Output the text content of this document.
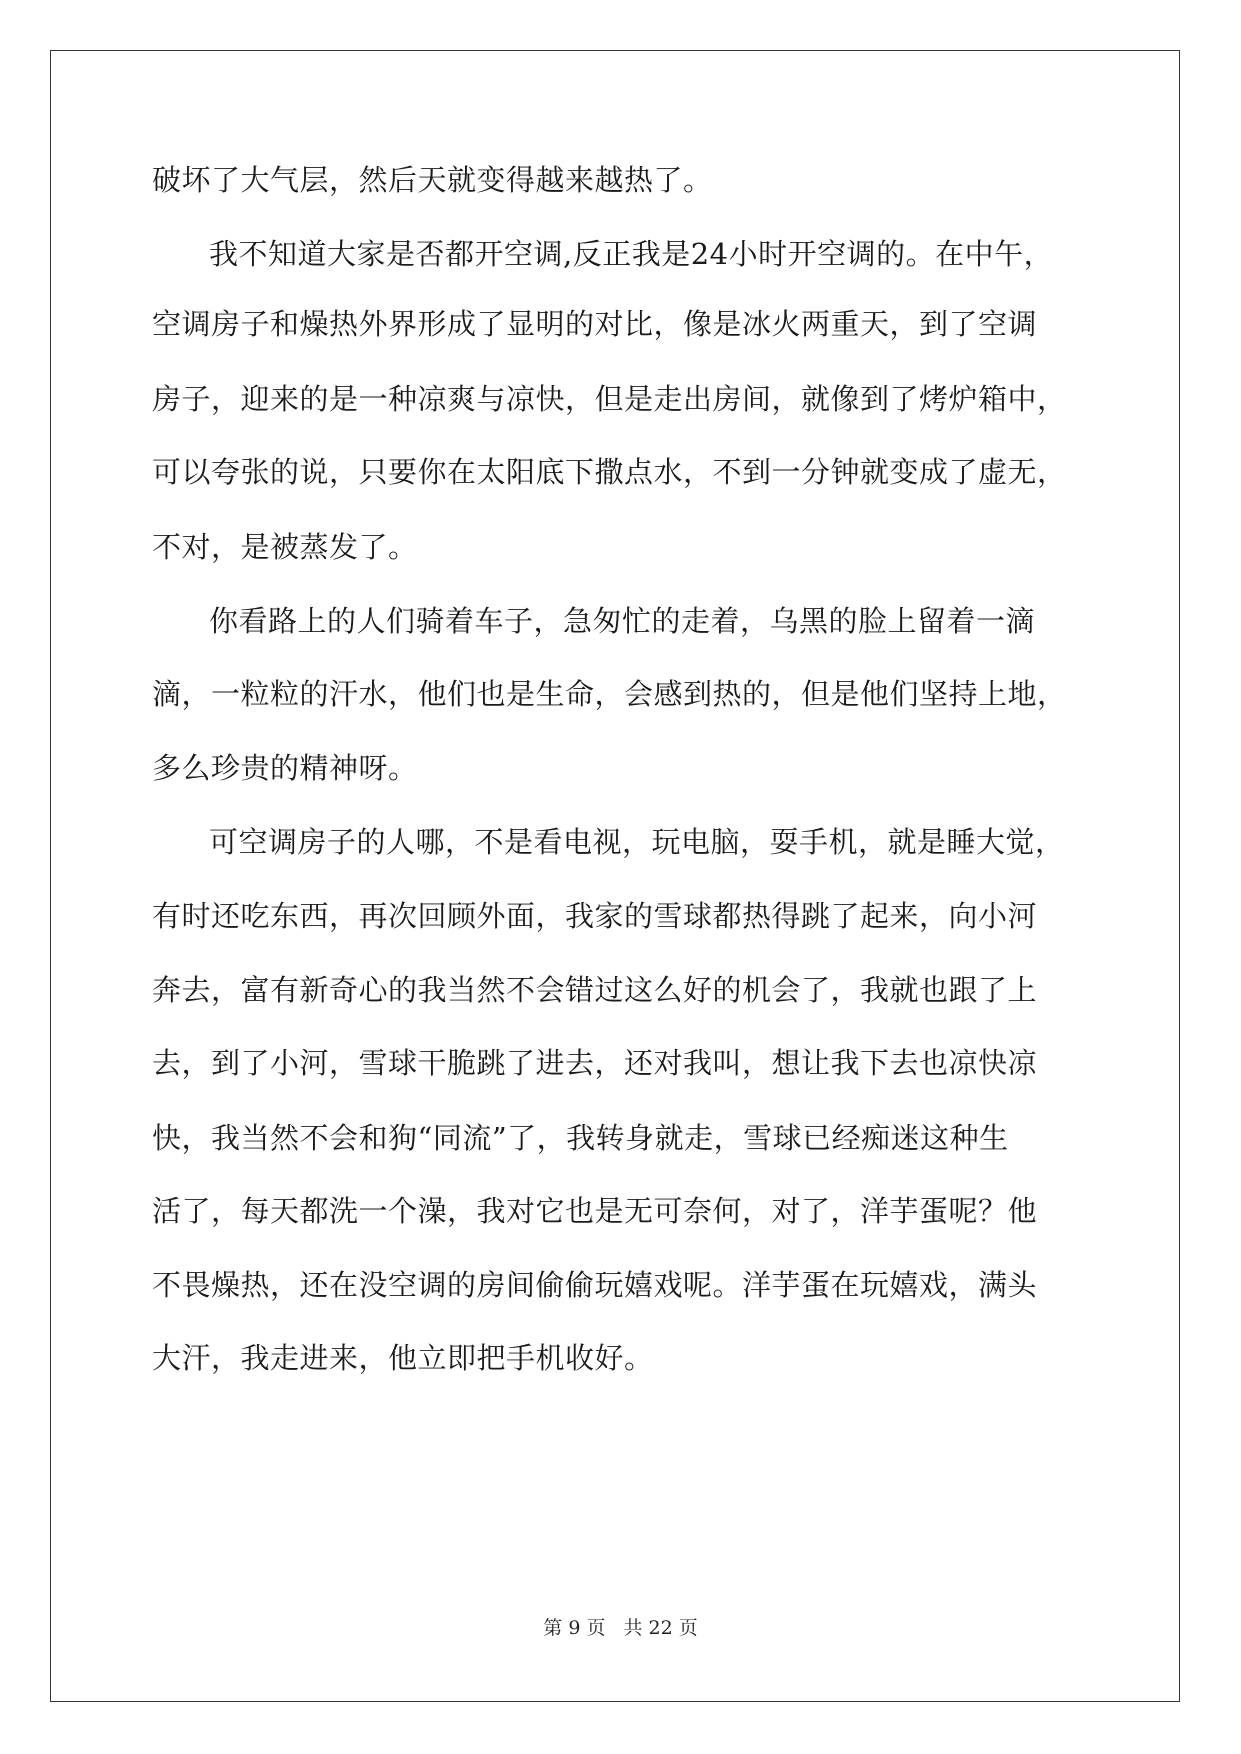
破坏了大气层，然后天就变得越来越热了。
我不知道大家是否都开空调,反正我是24小时开空调的。在中午，
空调房子和燥热外界形成了显明的对比，像是冰火两重天，到了空调
房子，迎来的是一种凉爽与凉快，但是走出房间，就像到了烤炉箱中，
可以夸张的说，只要你在太阳底下撒点水，不到一分钟就变成了虚无，
不对，是被蒸发了。
你看路上的人们骑着车子，急匆忙的走着，乌黑的脸上留着一滴
滴，一粒粒的汗水，他们也是生命，会感到热的，但是他们坚持上地，
多么珍贵的精神呀。
可空调房子的人哪，不是看电视，玩电脑，耍手机，就是睡大觉，
有时还吃东西，再次回顾外面，我家的雪球都热得跳了起来，向小河
奔去，富有新奇心的我当然不会错过这么好的机会了，我就也跟了上
去，到了小河，雪球干脆跳了进去，还对我叫，想让我下去也凉快凉
快，我当然不会和狗“同流”了，我转身就走，雪球已经痴迷这种生
活了，每天都洗一个澡，我对它也是无可奈何，对了，洋芋蛋呢？他
不畏燥热，还在没空调的房间偷偷玩嬉戏呢。洋芋蛋在玩嬉戏，满头
大汗，我走进来，他立即把手机收好。
第 9 页 共 22 页
